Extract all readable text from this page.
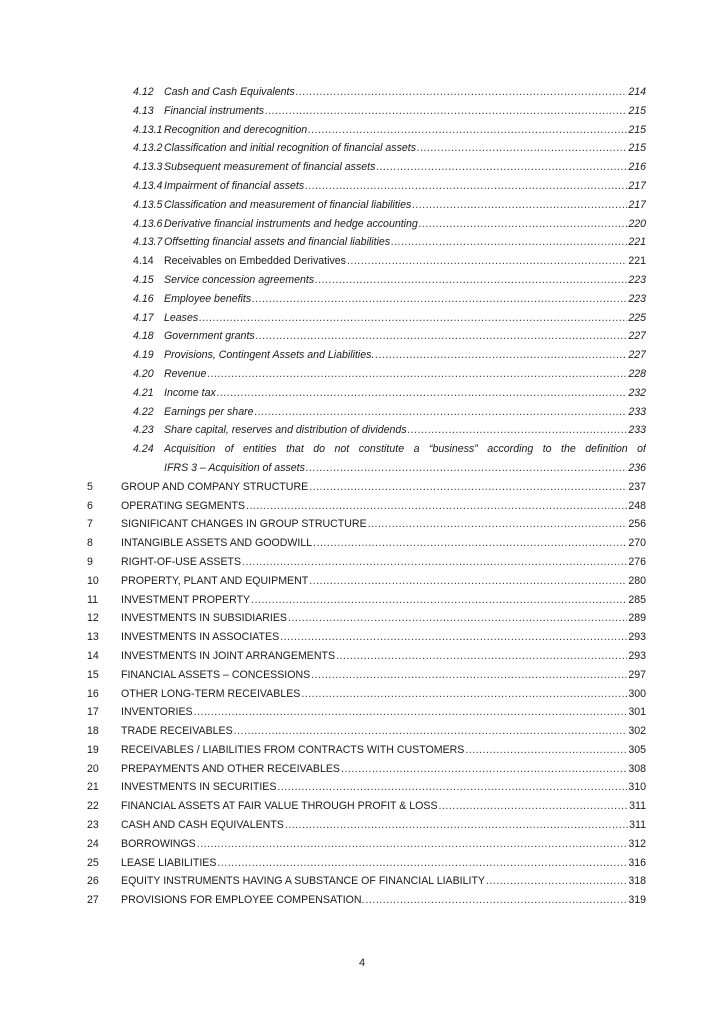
4.12 Cash and Cash Equivalents .....	214
4.13 Financial instruments .....	215
4.13.1 Recognition and derecognition .....	215
4.13.2 Classification and initial recognition of financial assets .....	215
4.13.3 Subsequent measurement of financial assets .....	216
4.13.4 Impairment of financial assets .....	217
4.13.5 Classification and measurement of financial liabilities .....	217
4.13.6 Derivative financial instruments and hedge accounting .....	220
4.13.7 Offsetting financial assets and financial liabilities .....	221
4.14 Receivables on Embedded Derivatives .....	221
4.15 Service concession agreements .....	223
4.16 Employee benefits .....	223
4.17 Leases .....	225
4.18 Government grants .....	227
4.19 Provisions, Contingent Assets and Liabilities. .....	227
4.20 Revenue .....	228
4.21 Income tax .....	232
4.22 Earnings per share .....	233
4.23 Share capital, reserves and distribution of dividends .....	233
4.24 Acquisition of entities that do not constitute a “business” according to the definition of
IFRS 3 – Acquisition of assets .....	236
5	GROUP AND COMPANY STRUCTURE .....	237
6	OPERATING SEGMENTS .....	248
7	SIGNIFICANT CHANGES IN GROUP STRUCTURE .....	256
8	INTANGIBLE ASSETS AND GOODWILL .....	270
9	RIGHT-OF-USE ASSETS .....	276
10 PROPERTY, PLANT AND EQUIPMENT .....	280
11 INVESTMENT PROPERTY .....	285
12 INVESTMENTS IN SUBSIDIARIES .....	289
13 INVESTMENTS IN ASSOCIATES .....	293
14 INVESTMENTS IN JOINT ARRANGEMENTS .....	293
15 FINANCIAL ASSETS – CONCESSIONS .....	297
16 OTHER LONG-TERM RECEIVABLES .....	300
17 INVENTORIES .....	301
18 TRADE RECEIVABLES .....	302
19 RECEIVABLES / LIABILITIES FROM CONTRACTS WITH CUSTOMERS .....	305
20 PREPAYMENTS AND OTHER RECEIVABLES .....	308
21 INVESTMENTS IN SECURITIES .....	310
22 FINANCIAL ASSETS AT FAIR VALUE THROUGH PROFIT & LOSS .....	311
23 CASH AND CASH EQUIVALENTS .....	311
24 BORROWINGS .....	312
25 LEASE LIABILITIES .....	316
26 EQUITY INSTRUMENTS HAVING A SUBSTANCE OF FINANCIAL LIABILITY .....	318
27 PROVISIONS FOR EMPLOYEE COMPENSATION. .....	319
4
